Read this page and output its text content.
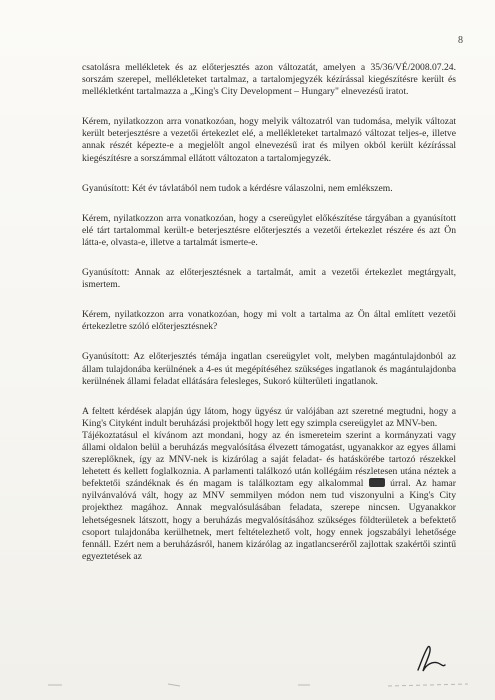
8

csatolásra mellékletek és az előterjesztés azon változatát, amelyen a 35/36/VÉ/2008.07.24. sorszám szerepel, mellékleteket tartalmaz, a tartalomjegyzék kézírással kiegészítésre került és mellékletként tartalmazza a „King's City Development – Hungary" elnevezésű iratot.

Kérem, nyilatkozzon arra vonatkozóan, hogy melyik változatról van tudomása, melyik változat került beterjesztésre a vezetői értekezlet elé, a mellékleteket tartalmazó változat teljes-e, illetve annak részét képezte-e a megjelölt angol elnevezésű irat és milyen okból került kézírással kiegészítésre a sorszámmal ellátott változaton a tartalomjegyzék.

Gyanúsított: Két év távlatából nem tudok a kérdésre válaszolni, nem emlékszem.

Kérem, nyilatkozzon arra vonatkozóan, hogy a csereügylet előkészítése tárgyában a gyanúsított elé tárt tartalommal került-e beterjesztésre előterjesztés a vezetői értekezlet részére és azt Ön látta-e, olvasta-e, illetve a tartalmát ismerte-e.

Gyanúsított: Annak az előterjesztésnek a tartalmát, amit a vezetői értekezlet megtárgyalt, ismertem.

Kérem, nyilatkozzon arra vonatkozóan, hogy mi volt a tartalma az Ön által említett vezetői értekezletre szóló előterjesztésnek?

Gyanúsított: Az előterjesztés témája ingatlan csereügylet volt, melyben magántulajdonból az állam tulajdonába kerülnének a 4-es út megépítéséhez szükséges ingatlanok és magántulajdonba kerülnének állami feladat ellátására felesleges, Sukoró külterületi ingatlanok.

A feltett kérdések alapján úgy látom, hogy ügyész úr valójában azt szeretné megtudni, hogy a King's Cityként indult beruházási projektből hogy lett egy szimpla csereügylet az MNV-ben.

Tájékoztatásul el kívánom azt mondani, hogy az én ismereteim szerint a kormányzati vagy állami oldalon belül a beruházás megvalósítása élvezett támogatást, ugyanakkor az egyes állami szereplőknek, így az MNV-nek is kizárólag a saját feladat- és hatáskörébe tartozó részekkel lehetett és kellett foglalkoznia. A parlamenti találkozó után kollégáim részletesen utána néztek a befektetői szándéknak és én magam is találkoztam egy alkalommal	úrral. Az hamar nyilvánvalóvá vált, hogy az MNV semmilyen módon nem tud viszonyulni a King's City projekthez magához. Annak megvalósulásában feladata, szerepe nincsen. Ugyanakkor lehetségesnek látszott, hogy a beruházás megvalósításához szükséges földterületek a befektető csoport tulajdonába kerülhetnek, mert feltételezhető volt, hogy ennek jogszabályi lehetősége fennáll. Ezért nem a beruházásról, hanem kizárólag az ingatlancseréről zajlottak szakértői szintű egyeztetések az
